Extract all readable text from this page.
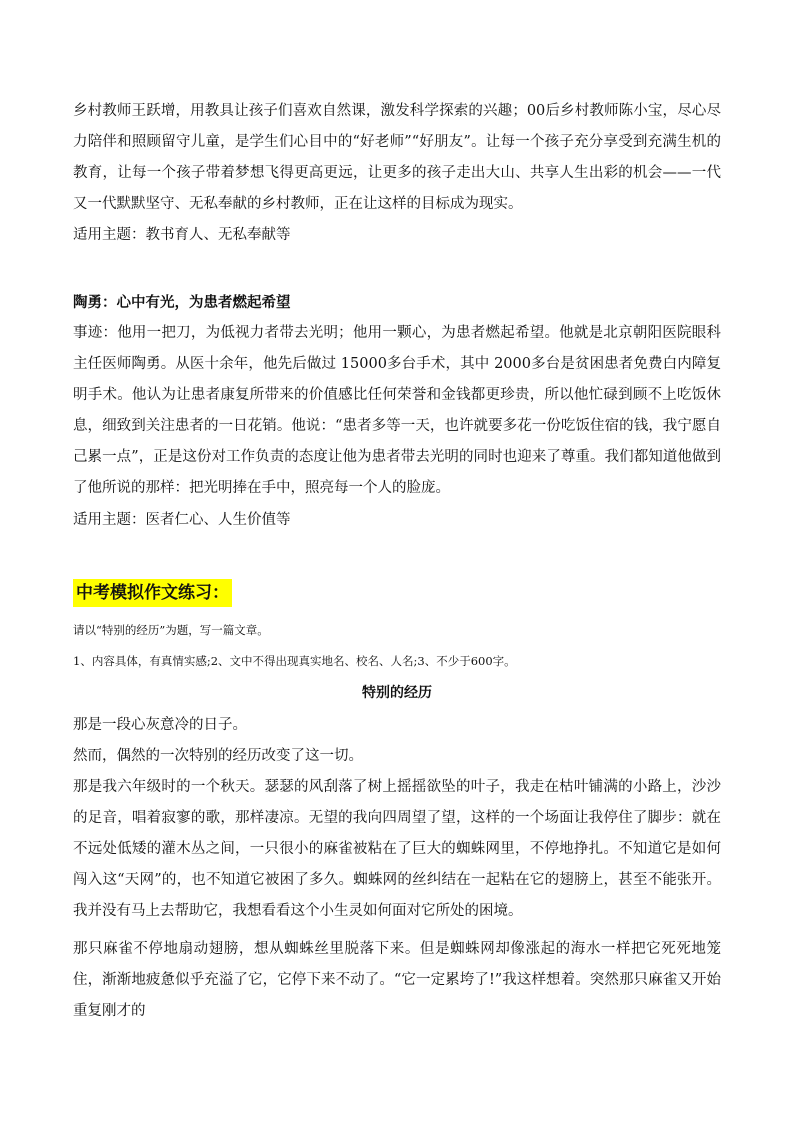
乡村教师王跃增，用教具让孩子们喜欢自然课，激发科学探索的兴趣；00后乡村教师陈小宝，尽心尽力陪伴和照顾留守儿童，是学生们心目中的“好老师”“好朋友”。让每一个孩子充分享受到充满生机的教育，让每一个孩子带着梦想飞得更高更远，让更多的孩子走出大山、共享人生出彩的机会——一代又一代默默坚守、无私奉献的乡村教师，正在让这样的目标成为现实。

适用主题：教书育人、无私奉献等

陶勇：心中有光，为患者燃起希望

事迹：他用一把刀，为低视力者带去光明；他用一颗心，为患者燃起希望。他就是北京朝阳医院眼科主任医师陶勇。从医十余年，他先后做过 15000多台手术，其中 2000多台是贫困患者免费白内障复明手术。他认为让患者康复所带来的价值感比任何荣誉和金钱都更珍贵，所以他忙碌到顾不上吃饭休息，细致到关注患者的一日花销。他说：“患者多等一天，也许就要多花一份吃饭住宿的钱，我宁愿自己累一点”，正是这份对工作负责的态度让他为患者带去光明的同时也迎来了尊重。我们都知道他做到了他所说的那样：把光明捧在手中，照亮每一个人的脸庞。

适用主题：医者仁心、人生价值等

中考模拟作文练习：

请以“特别的经历”为题，写一篇文章。

1、内容具体，有真情实感;2、文中不得出现真实地名、校名、人名;3、不少于600字。

特别的经历

那是一段心灰意冷的日子。

然而，偶然的一次特别的经历改变了这一切。

那是我六年级时的一个秋天。瑟瑟的风刮落了树上摇摇欲坠的叶子，我走在枯叶铺满的小路上，沙沙的足音，唱着寂寥的歌，那样凄凉。无望的我向四周望了望，这样的一个场面让我停住了脚步：就在不远处低矮的灌木丛之间，一只很小的麻雀被粘在了巨大的蜘蛛网里，不停地挣扎。不知道它是如何闯入这“天网”的，也不知道它被困了多久。蜘蛛网的丝纠结在一起粘在它的翅膀上，甚至不能张开。我并没有马上去帮助它，我想看看这个小生灵如何面对它所处的困境。

那只麻雀不停地扇动翅膀，想从蜘蛛丝里脱落下来。但是蜘蛛网却像涨起的海水一样把它死死地笼住，渐渐地疲惫似乎充溢了它，它停下来不动了。“它一定累垮了!”我这样想着。突然那只麻雀又开始重复刚才的
